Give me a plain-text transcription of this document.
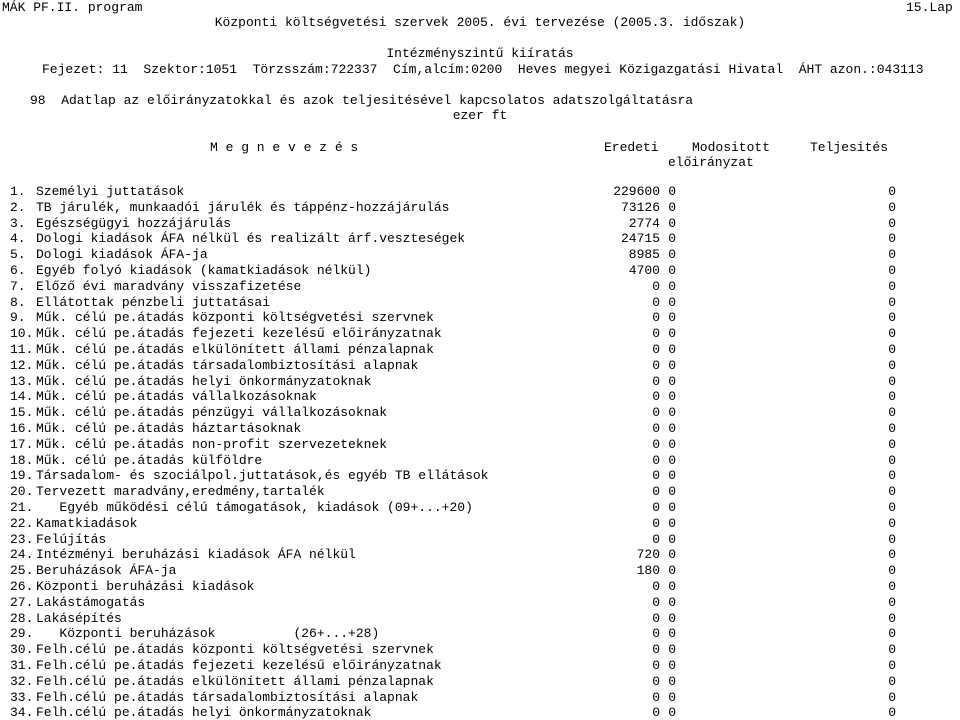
MÁK PF.II. program	15.Lap

Központi költségvetési szervek 2005. évi tervezése (2005.3. időszak)

Intézményszintű kiíratás

Fejezet: 11  Szektor:1051  Törzsszám:722337  Cím,alcím:0200  Heves megyei Közigazgatási Hivatal  ÁHT azon.:043113

98  Adatlap az előirányzatokkal és azok teljesitésével kapcsolatos adatszolgáltatásra

ezer ft

M e g n e v e z é s	Eredeti	Modositott

előirányzat

Teljesités

1. Személyi juttatások	229600 0	0
2. TB járulék, munkaadói járulék és táppénz-hozzájárulás	73126 0	0
3. Egészségügyi hozzájárulás	2774 0	0
4. Dologi kiadások ÁFA nélkül és realizált árf.veszteségek	24715 0	0
5. Dologi kiadások ÁFA-ja	8985 0	0
6. Egyéb folyó kiadások (kamatkiadások nélkül)	4700 0	0
7. Előző évi maradvány visszafizetése	0 0	0
8. Ellátottak pénzbeli juttatásai	0 0	0
9. Műk. célú pe.átadás központi költségvetési szervnek	0 0	0
10. Műk. célú pe.átadás fejezeti kezelésű előirányzatnak	0 0	0
11. Műk. célú pe.átadás elkülönített állami pénzalapnak	0 0	0
12. Műk. célú pe.átadás társadalombiztosítási alapnak	0 0	0
13. Műk. célú pe.átadás helyi önkormányzatoknak	0 0	0
14. Műk. célú pe.átadás vállalkozásoknak	0 0	0
15. Műk. célú pe.átadás pénzügyi vállalkozásoknak	0 0	0
16. Műk. célú pe.átadás háztartásoknak	0 0	0
17. Műk. célú pe.átadás non-profit szervezeteknek	0 0	0
18. Műk. célú pe.átadás külföldre	0 0	0
19. Társadalom- és szociálpol.juttatások,és egyéb TB ellátások	0 0	0
20. Tervezett maradvány,eredmény,tartalék	0 0	0
21. Egyéb működési célú támogatások, kiadások (09+...+20)	0 0	0
22. Kamatkiadások	0 0	0
23. Felújítás	0 0	0
24. Intézményi beruházási kiadások ÁFA nélkül	720 0	0
25. Beruházások ÁFA-ja	180 0	0
26. Központi beruházási kiadások	0 0	0
27. Lakástámogatás	0 0	0
28. Lakásépítés	0 0	0
29. Központi beruházások          (26+...+28)	0 0	0
30. Felh.célú pe.átadás központi költségvetési szervnek	0 0	0
31. Felh.célú pe.átadás fejezeti kezelésű előirányzatnak	0 0	0
32. Felh.célú pe.átadás elkülönített állami pénzalapnak	0 0	0
33. Felh.célú pe.átadás társadalombiztosítási alapnak	0 0	0
34. Felh.célú pe.átadás helyi önkormányzatoknak	0 0	0
